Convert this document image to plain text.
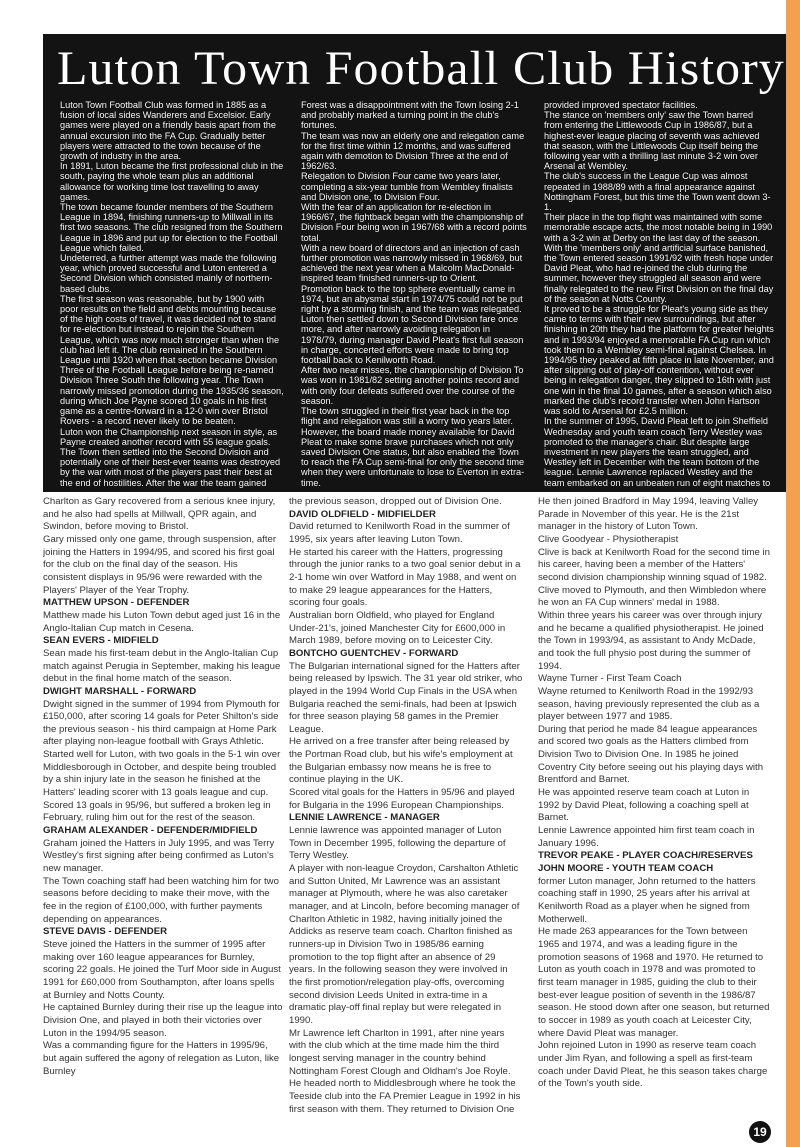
Luton Town Football Club History

Luton Town Football Club was formed in 1885 as a fusion of local sides Wanderers and Excelsior. Early games were played on a friendly basis apart from the annual excursion into the FA Cup. Gradually better players were attracted to the town because of the growth of industry in the area.

In 1891, Luton became the first professional club in the south, paying the whole team plus an additional allowance for working time lost travelling to away games.

The town became founder members of the Southern League in 1894, finishing runners-up to Millwall in its first two seasons. The club resigned from the Southern League in 1896 and put up for election to the Football League which failed.

Undeterred, a further attempt was made the following year, which proved successful and Luton entered a Second Division which consisted mainly of northern-based clubs.

The first season was reasonable, but by 1900 with poor results on the field and debts mounting because of the high costs of travel, it was decided not to stand for re-election but instead to rejoin the Southern League, which was now much stronger than when the club had left it. The club remained in the Southern League until 1920 when that section became Division Three of the Football League before being re-named Division Three South the following year. The Town narrowly missed promotion during the 1935/36 season, during which Joe Payne scored 10 goals in his first game as a centre-forward in a 12-0 win over Bristol Rovers - a record never likely to be beaten.

Luton won the Championship next season in style, as Payne created another record with 55 league goals.

The Town then settled into the Second Division and potentially one of their best-ever teams was destroyed by the war with most of the players past their best at the end of hostilities. After the war the team gained

Forest was a disappointment with the Town losing 2-1 and probably marked a turning point in the club's fortunes.

The team was now an elderly one and relegation came for the first time within 12 months, and was suffered again with demotion to Division Three at the end of 1962/63.

Relegation to Division Four came two years later, completing a six-year tumble from Wembley finalists and Division one, to Division Four.

With the fear of an application for re-election in 1966/67, the fightback began with the championship of Division Four being won in 1967/68 with a record points total.

With a new board of directors and an injection of cash further promotion was narrowly missed in 1968/69, but achieved the next year when a Malcolm MacDonald-inspired team finished runners-up to Orient.

Promotion back to the top sphere eventually came in 1974, but an abysmal start in 1974/75 could not be put right by a storming finish, and the team was relegated.

Luton then settled down to Second Division fare once more, and after narrowly avoiding relegation in 1978/79, during manager David Pleat's first full season in charge, concerted efforts were made to bring top football back to Kenilworth Road.

After two near misses, the championship of Division To was won in 1981/82 setting another points record and with only four defeats suffered over the course of the season.

The town struggled in their first year back in the top flight and relegation was still a worry two years later. However, the board made money available for David Pleat to make some brave purchases which not only saved Division One status, but also enabled the Town to reach the FA Cup semi-final for only the second time when they were unfortunate to lose to Everton in extra-time.

provided improved spectator facilities.

The stance on 'members only' saw the Town barred from entering the Littlewoods Cup in 1986/87, but a highest-ever league placing of seventh was achieved that season, with the Littlewoods Cup itself being the following year with a thrilling last minute 3-2 win over Arsenal at Wembley.

The club's success in the League Cup was almost repeated in 1988/89 with a final appearance against Nottingham Forest, but this time the Town went down 3-1.

Their place in the top flight was maintained with some memorable escape acts, the most notable being in 1990 with a 3-2 win at Derby on the last day of the season.

With the 'members only' and artificial surface banished, the Town entered season 1991/92 with fresh hope under David Pleat, who had re-joined the club during the summer, however they struggled all season and were finally relegated to the new First Division on the final day of the season at Notts County.

It proved to be a struggle for Pleat's young side as they came to terms with their new surroundings, but after finishing in 20th they had the platform for greater heights and in 1993/94 enjoyed a memorable FA Cup run which took them to a Wembley semi-final against Chelsea. In 1994/95 they peaked at fifth place in late November, and after slipping out of play-off contention, without ever being in relegation danger, they slipped to 16th with just one win in the final 10 games, after a season which also marked the club's record transfer when John Hartson was sold to Arsenal for £2.5 million.

In the summer of 1995, David Pleat left to join Sheffield Wednesday and youth team coach Terry Westley was promoted to the manager's chair. But despite large investment in new players the team struggled, and Westley left in December with the team bottom of the league. Lennie Lawrence replaced Westley and the team embarked on an unbeaten run of eight matches to

Charlton as Gary recovered from a serious knee injury, and he also had spells at Millwall, QPR again, and Swindon, before moving to Bristol.

Gary missed only one game, through suspension, after joining the Hatters in 1994/95, and scored his first goal for the club on the final day of the season. His consistent displays in 95/96 were rewarded with the Players' Player of the Year Trophy.

MATTHEW UPSON - DEFENDER

Matthew made his Luton Town debut aged just 16 in the Anglo-Italian Cup match in Cesena.

SEAN EVERS - MIDFIELD

Sean made his first-team debut in the Anglo-Italian Cup match against Perugia in September, making his league debut in the final home match of the season.

DWIGHT MARSHALL - FORWARD

Dwight signed in the summer of 1994 from Plymouth for £150,000, after scoring 14 goals for Peter Shilton's side the previous season - his third campaign at Home Park after playing non-league football with Grays Athletic.

Started well for Luton, with two goals in the 5-1 win over Middlesborough in October, and despite being troubled by a shin injury late in the season he finished at the Hatters' leading scorer with 13 goals league and cup.

Scored 13 goals in 95/96, but suffered a broken leg in February, ruling him out for the rest of the season.

GRAHAM ALEXANDER - DEFENDER/MIDFIELD

Graham joined the Hatters in July 1995, and was Terry Westley's first signing after being confirmed as Luton's new manager.

The Town coaching staff had been watching him for two seasons before deciding to make their move, with the fee in the region of £100,000, with further payments depending on appearances.

STEVE DAVIS - DEFENDER

Steve joined the Hatters in the summer of 1995 after making over 160 league appearances for Burnley, scoring 22 goals. He joined the Turf Moor side in August 1991 for £60,000 from Southampton, after loans spells at Burnley and Notts County.

He captained Burnley during their rise up the league into Division One, and played in both their victories over Luton in the 1994/95 season.

Was a commanding figure for the Hatters in 1995/96, but again suffered the agony of relegation as Luton, like Burnley

the previous season, dropped out of Division One.

DAVID OLDFIELD - MIDFIELDER

David returned to Kenilworth Road in the summer of 1995, six years after leaving Luton Town.

He started his career with the Hatters, progressing through the junior ranks to a two goal senior debut in a 2-1 home win over Watford in May 1988, and went on to make 29 league appearances for the Hatters, scoring four goals.

Australian born Oldfield, who played for England Under-21's, joined Manchester City for £600,000 in March 1989, before moving on to Leicester City.

BONTCHO GUENTCHEV - FORWARD

The Bulgarian international signed for the Hatters after being released by Ipswich. The 31 year old striker, who played in the 1994 World Cup Finals in the USA when Bulgaria reached the semi-finals, had been at Ipswich for three season playing 58 games in the Premier League.

He arrived on a free transfer after being released by the Portman Road club, but his wife's employment at the Bulgarian embassy now means he is free to continue playing in the UK.

Scored vital goals for the Hatters in 95/96 and played for Bulgaria in the 1996 European Championships.

LENNIE LAWRENCE - MANAGER

Lennie lawrence was appointed manager of Luton Town in December 1995, following the departure of Terry Westley.

A player with non-league Croydon, Carshalton Athletic and Sutton United, Mr Lawrence was an assistant manager at Plymouth, where he was also caretaker manager, and at Lincoln, before becoming manager of Charlton Athletic in 1982, having initially joined the Addicks as reserve team coach. Charlton finished as runners-up in Division Two in 1985/86 earning promotion to the top flight after an absence of 29 years. In the following season they were involved in the first promotion/relegation play-offs, overcoming second division Leeds United in extra-time in a dramatic play-off final replay but were relegated in 1990.

Mr Lawrence left Charlton in 1991, after nine years with the club which at the time made him the third longest serving manager in the country behind Nottingham Forest Clough and Oldham's Joe Royle. He headed north to Middlesbrough where he took the Teeside club into the FA Premier League in 1992 in his first season with them. They returned to Division One

He then joined Bradford in May 1994, leaving Valley Parade in November of this year. He is the 21st manager in the history of Luton Town.

Clive Goodyear - Physiotherapist

Clive is back at Kenilworth Road for the second time in his career, having been a member of the Hatters' second division championship winning squad of 1982. Clive moved to Plymouth, and then Wimbledon where he won an FA Cup winners' medal in 1988.

Within three years his career was over through injury and he became a qualified physiotherapist. He joined the Town in 1993/94, as assistant to Andy McDade, and took the full physio post during the summer of 1994.

Wayne Turner - First Team Coach

Wayne returned to Kenilworth Road in the 1992/93 season, having previously represented the club as a player between 1977 and 1985.

During that period he made 84 league appearances and scored two goals as the Hatters climbed from Division Two to Division One. In 1985 he joined Coventry City before seeing out his playing days with Brentford and Barnet.

He was appointed reserve team coach at Luton in 1992 by David Pleat, following a coaching spell at Barnet.

Lennie Lawrence appointed him first team coach in January 1996.

TREVOR PEAKE - PLAYER COACH/RESERVES

JOHN MOORE - YOUTH TEAM COACH

former Luton manager, John returned to the hatters coaching staff in 1990, 25 years after his arrival at Kenilworth Road as a player when he signed from Motherwell.

He made 263 appearances for the Town between 1965 and 1974, and was a leading figure in the promotion seasons of 1968 and 1970. He returned to Luton as youth coach in 1978 and was promoted to first team manager in 1985, guiding the club to their best-ever league position of seventh in the 1986/87 season. He stood down after one season, but returned to soccer in 1989 as youth coach at Leicester City, where David Pleat was manager.

John rejoined Luton in 1990 as reserve team coach under Jim Ryan, and following a spell as first-team coach under David Pleat, he this season takes charge of the Town's youth side.

19
